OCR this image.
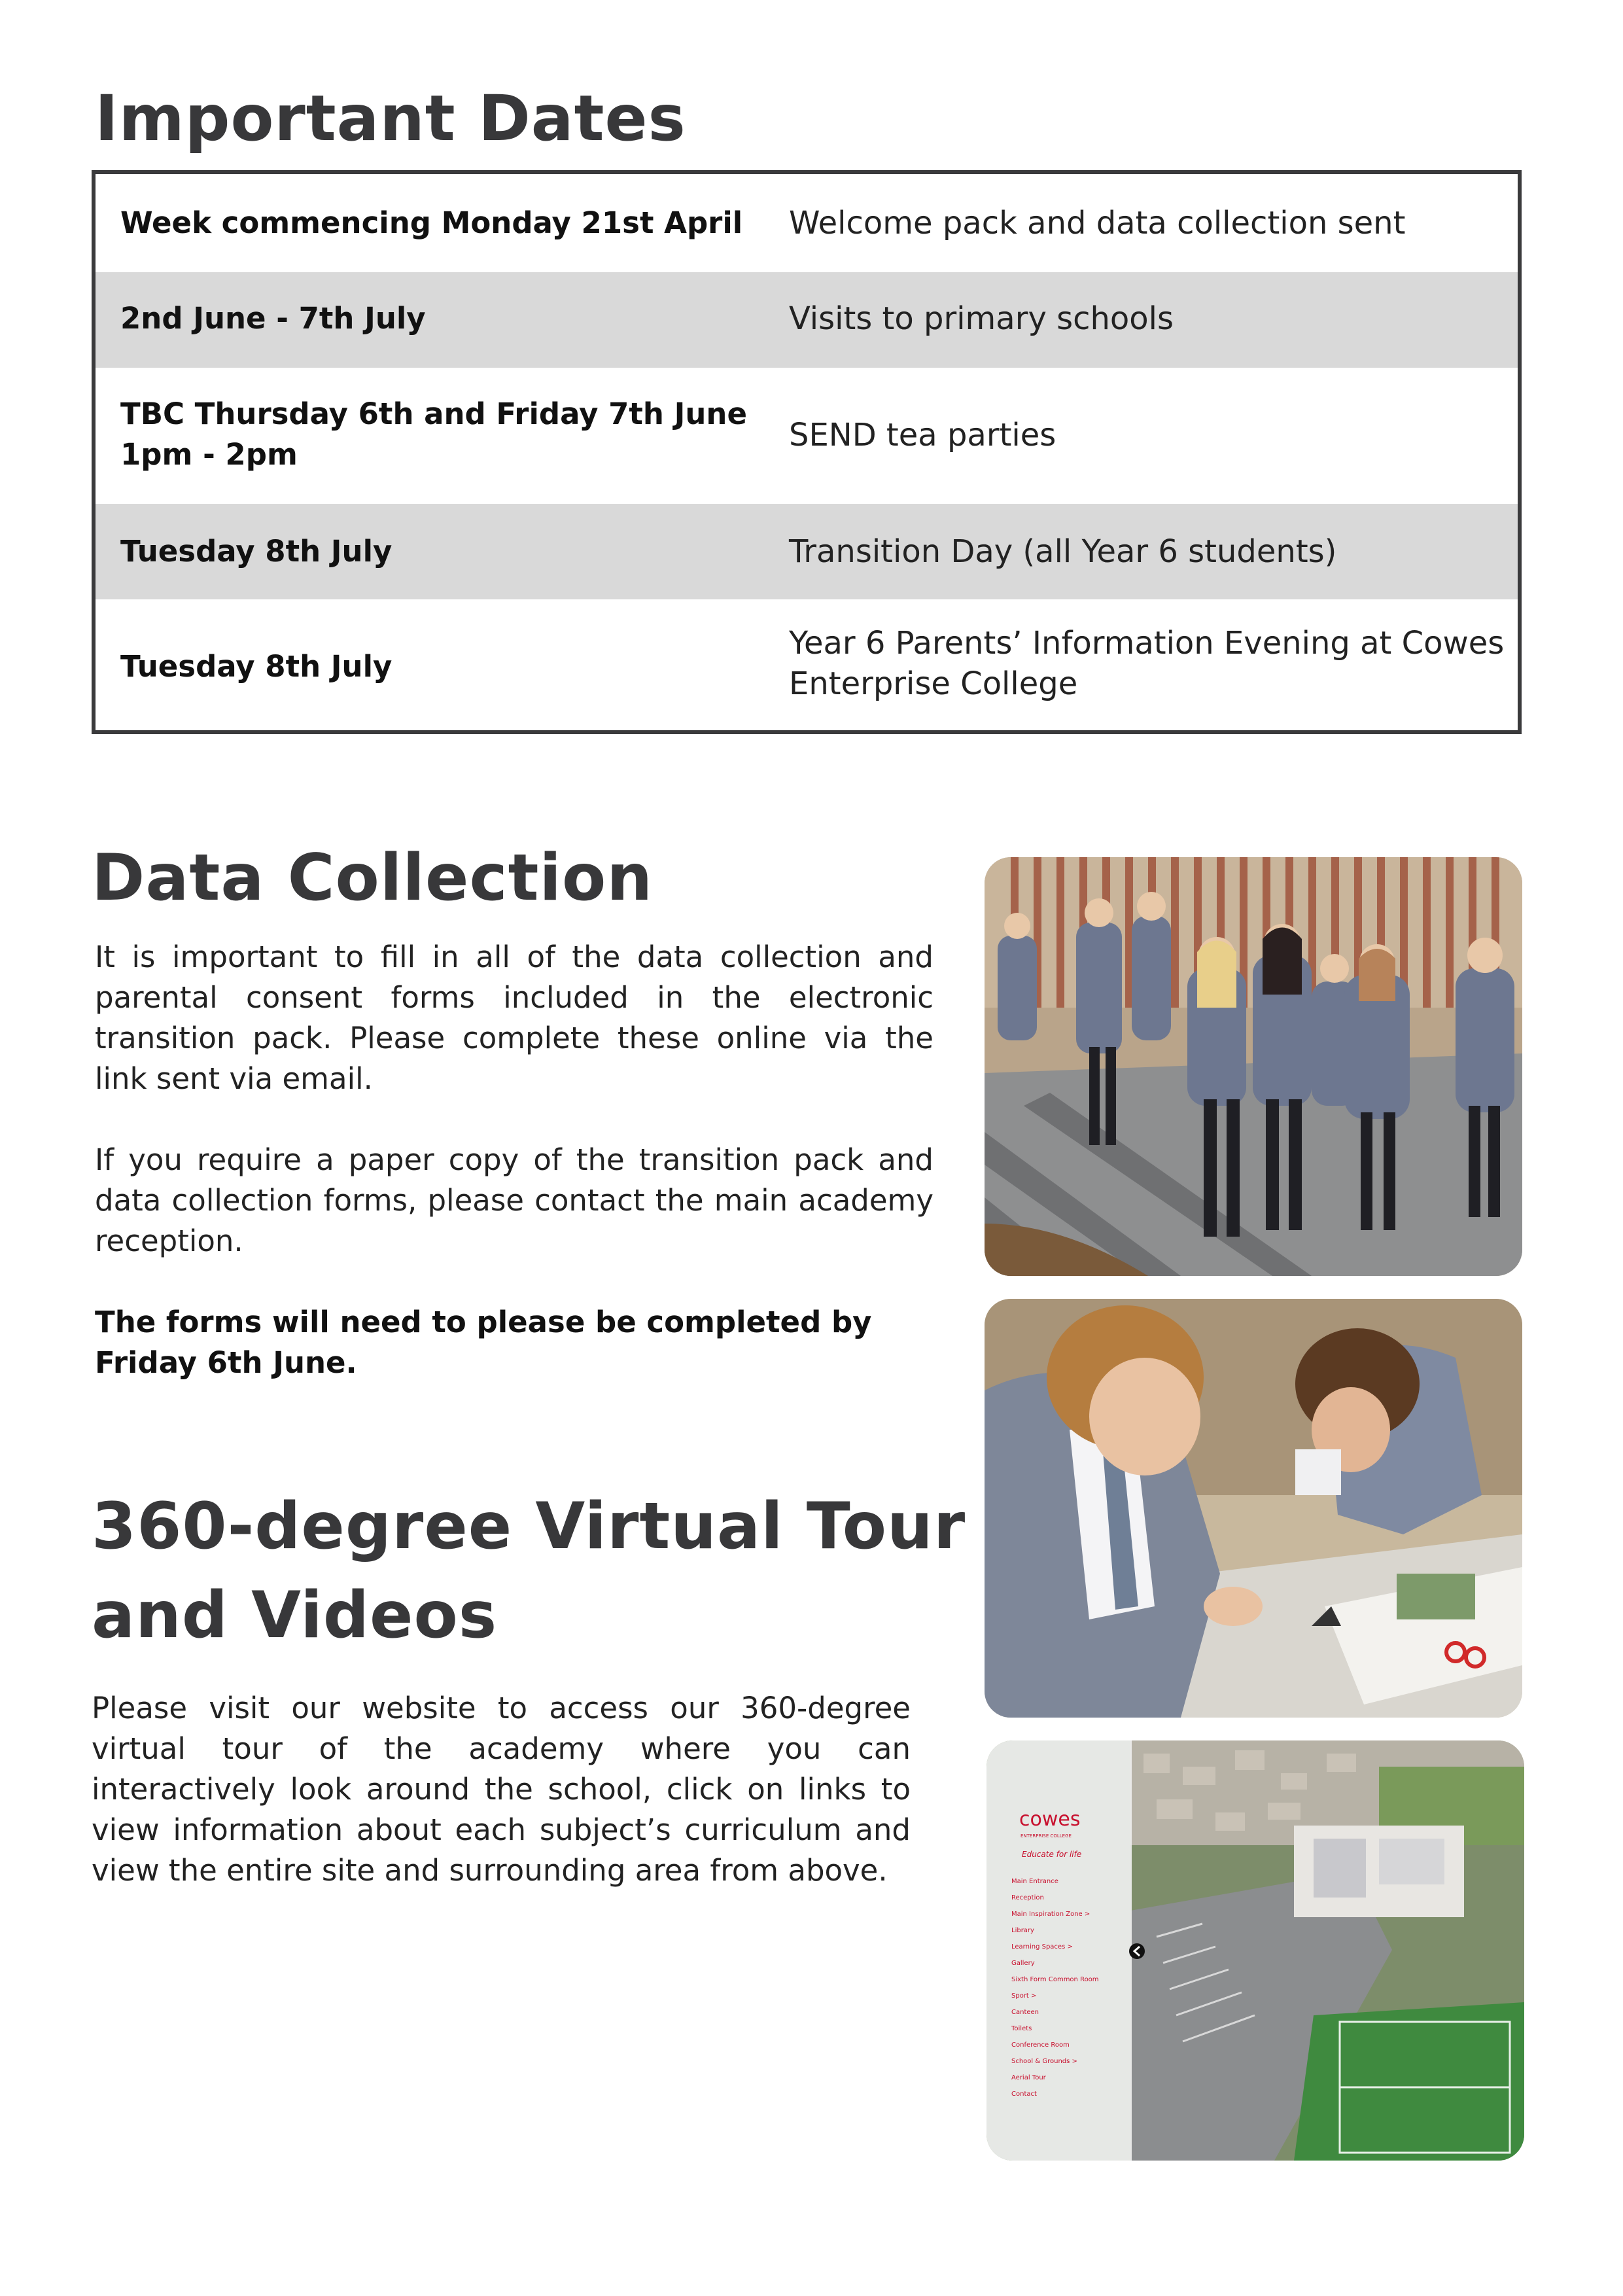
Important Dates
Week commencing Monday 21st April Welcome pack and data collection sent
2nd June - 7th July	Visits to primary schools
TBC Thursday 6th and Friday 7th June 1pm - 2pm
SEND tea parties
Tuesday 8th July	Transition Day (all Year 6 students)
Tuesday 8th July
Year 6 Parents’ Information Evening at Cowes Enterprise College
Data Collection

It is important to fill in all of the data collection and parental consent forms included in the electronic transition pack. Please complete these online via the link sent via email.

If you require a paper copy of the transition pack and data collection forms, please contact the main academy reception.

The forms will need to please be completed by Friday 6th June.

360-degree Virtual Tour
and Videos

Please visit our website to access our 360-degree virtual tour of the academy where you can interactively look around the school, click on links to view information about each subject’s curriculum and view the entire site and surrounding area from above.

cowes
ENTERPRISE COLLEGE
Educate for life
Main Entrance
Reception
Main Inspiration Zone >
Library
Learning Spaces >
Gallery
Sixth Form Common Room
Sport >
Canteen
Toilets
Conference Room
School & Grounds >
Aerial Tour
Contact
